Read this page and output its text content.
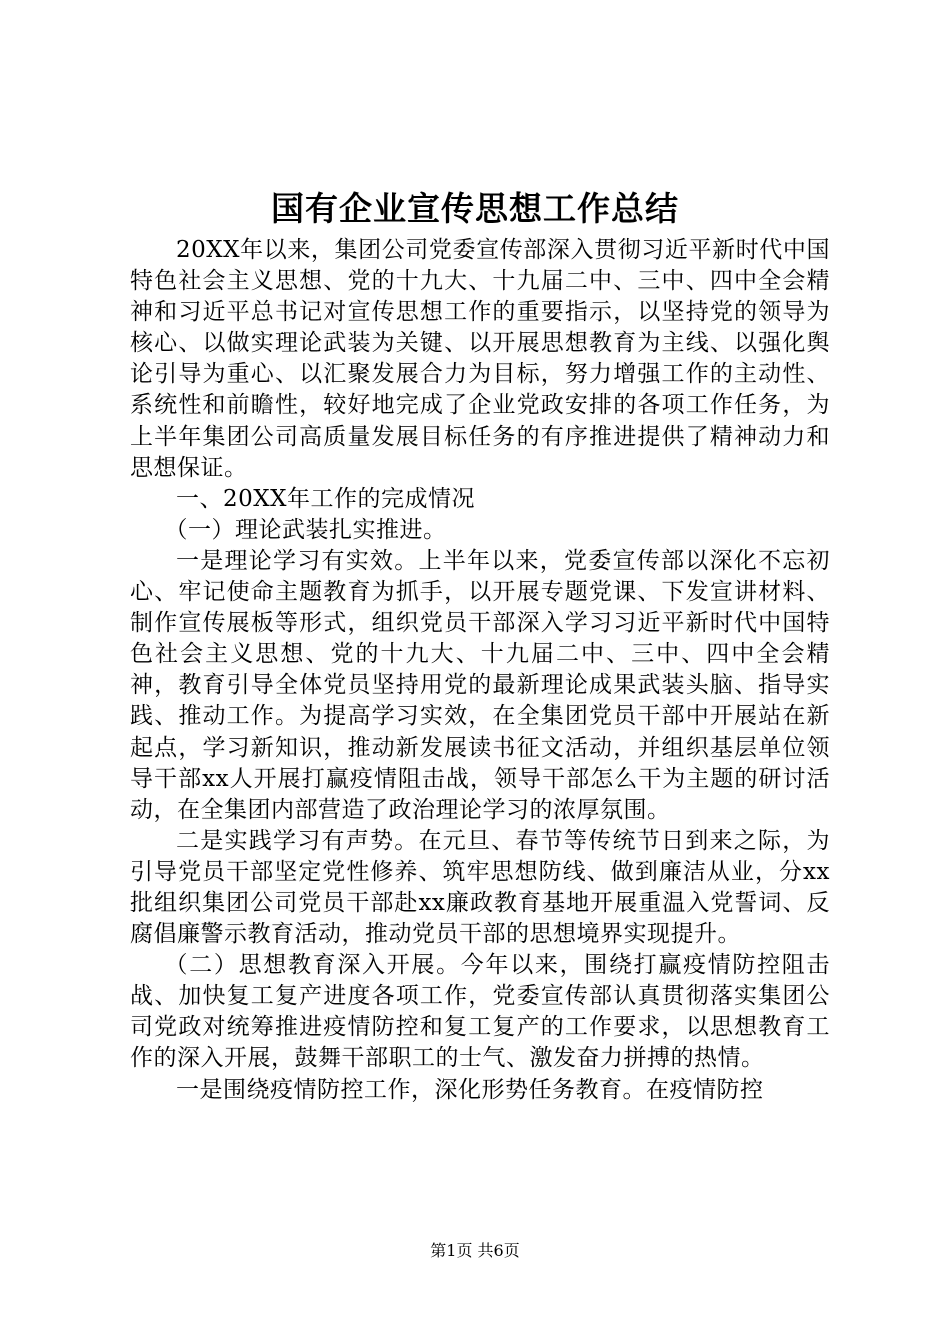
国有企业宣传思想工作总结

20XX年以来，集团公司党委宣传部深入贯彻习近平新时代中国特色社会主义思想、党的十九大、十九届二中、三中、四中全会精神和习近平总书记对宣传思想工作的重要指示，以坚持党的领导为核心、以做实理论武装为关键、以开展思想教育为主线、以强化舆论引导为重心、以汇聚发展合力为目标，努力增强工作的主动性、系统性和前瞻性，较好地完成了企业党政安排的各项工作任务，为上半年集团公司高质量发展目标任务的有序推进提供了精神动力和思想保证。

一、20XX年工作的完成情况

（一）理论武装扎实推进。

一是理论学习有实效。上半年以来，党委宣传部以深化不忘初心、牢记使命主题教育为抓手，以开展专题党课、下发宣讲材料、制作宣传展板等形式，组织党员干部深入学习习近平新时代中国特色社会主义思想、党的十九大、十九届二中、三中、四中全会精神，教育引导全体党员坚持用党的最新理论成果武装头脑、指导实践、推动工作。为提高学习实效，在全集团党员干部中开展站在新起点，学习新知识，推动新发展读书征文活动，并组织基层单位领导干部xx人开展打赢疫情阻击战，领导干部怎么干为主题的研讨活动，在全集团内部营造了政治理论学习的浓厚氛围。

二是实践学习有声势。在元旦、春节等传统节日到来之际，为引导党员干部坚定党性修养、筑牢思想防线、做到廉洁从业，分xx批组织集团公司党员干部赴xx廉政教育基地开展重温入党誓词、反腐倡廉警示教育活动，推动党员干部的思想境界实现提升。

（二）思想教育深入开展。今年以来，围绕打赢疫情防控阻击战、加快复工复产进度各项工作，党委宣传部认真贯彻落实集团公司党政对统筹推进疫情防控和复工复产的工作要求，以思想教育工作的深入开展，鼓舞干部职工的士气、激发奋力拼搏的热情。

一是围绕疫情防控工作，深化形势任务教育。在疫情防控

第1页 共6页
